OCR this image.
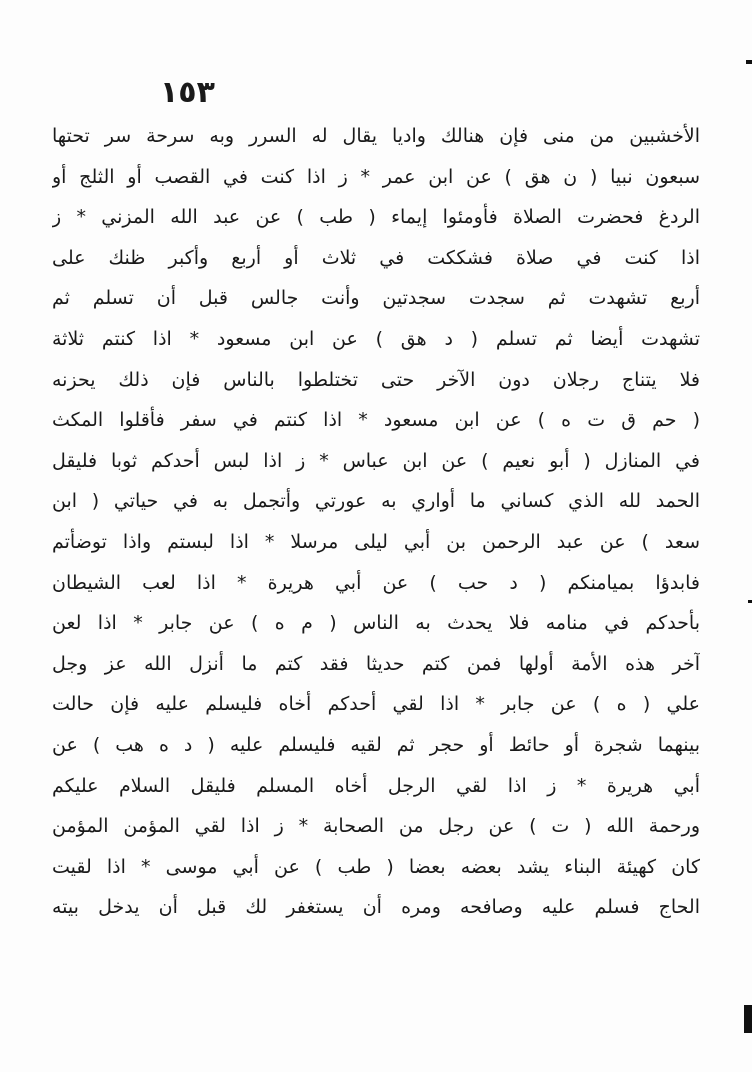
١٥٣
الأخشبين من منى فإن هنالك واديا يقال له السرر وبه سرحة سر تحتها
سبعون نبيا ( ن هق ) عن ابن عمر * ز اذا كنت في القصب أو الثلج أو
الردغ فحضرت الصلاة فأومئوا إيماء ( طب ) عن عبد الله المزني * ز
اذا كنت في صلاة فشككت في ثلاث أو أربع وأكبر ظنك على
أربع تشهدت ثم سجدت سجدتين وأنت جالس قبل أن تسلم ثم
تشهدت أيضا ثم تسلم ( د هق ) عن ابن مسعود * اذا كنتم ثلاثة
فلا يتناج رجلان دون الآخر حتى تختلطوا بالناس فإن ذلك يحزنه
( حم ق ت ه ) عن ابن مسعود * اذا كنتم في سفر فأقلوا المكث
في المنازل ( أبو نعيم ) عن ابن عباس * ز اذا لبس أحدكم ثوبا فليقل
الحمد لله الذي كساني ما أواري به عورتي وأتجمل به في حياتي ( ابن
سعد ) عن عبد الرحمن بن أبي ليلى مرسلا * اذا لبستم واذا توضأتم
فابدؤا بميامنكم ( د حب ) عن أبي هريرة * اذا لعب الشيطان
بأحدكم في منامه فلا يحدث به الناس ( م ه ) عن جابر * اذا لعن
آخر هذه الأمة أولها فمن كتم حديثا فقد كتم ما أنزل الله عز وجل
علي ( ه ) عن جابر * اذا لقي أحدكم أخاه فليسلم عليه فإن حالت
بينهما شجرة أو حائط أو حجر ثم لقيه فليسلم عليه ( د ه هب ) عن
أبي هريرة * ز اذا لقي الرجل أخاه المسلم فليقل السلام عليكم
ورحمة الله ( ت ) عن رجل من الصحابة * ز اذا لقي المؤمن المؤمن
كان كهيئة البناء يشد بعضه بعضا ( طب ) عن أبي موسى * اذا لقيت
الحاج فسلم عليه وصافحه ومره أن يستغفر لك قبل أن يدخل بيته
